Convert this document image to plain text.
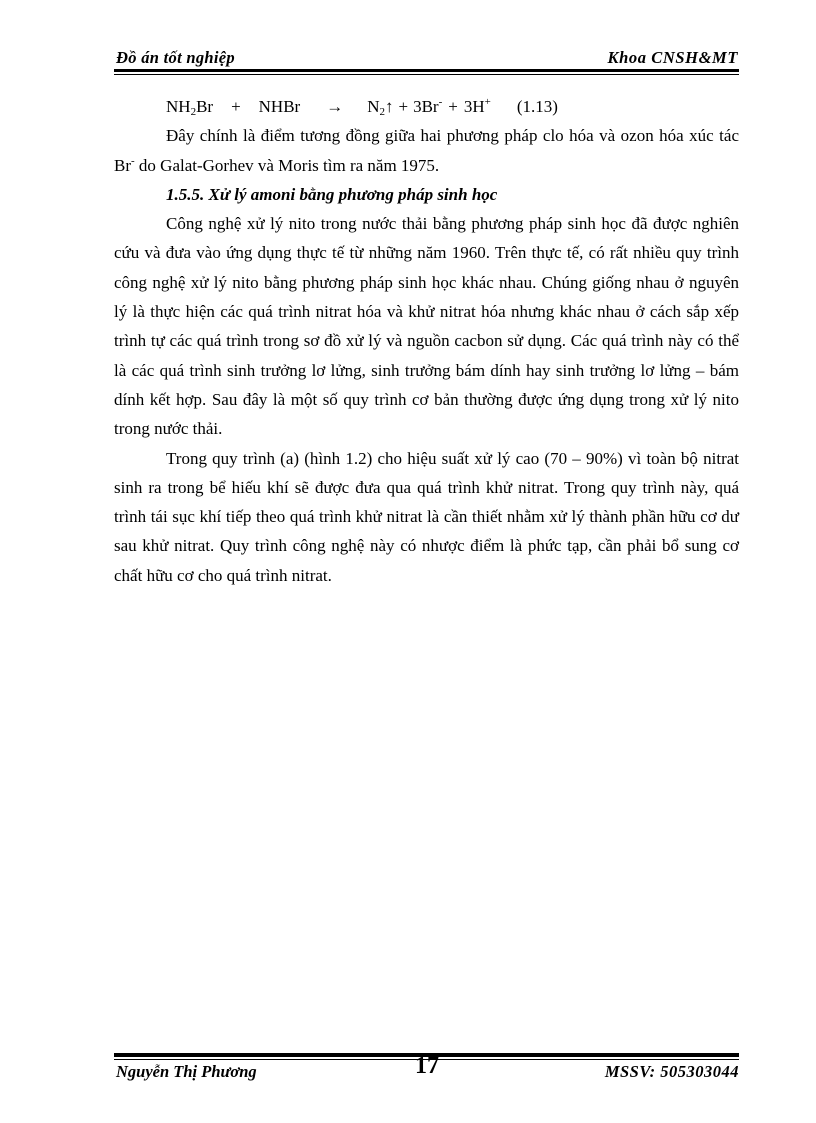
Đồ án tốt nghiệp	Khoa CNSH&MT

$NH_2Br$ + NHBr → $N_2↑ + 3Br^- + 3H^+$ (1.13)

Đây chính là điểm tương đồng giữa hai phương pháp clo hóa và ozon hóa xúc tác Br- do Galat-Gorhev và Moris tìm ra năm 1975.

1.5.5. Xử lý amoni bằng phương pháp sinh học

Công nghệ xử lý nito trong nước thải bằng phương pháp sinh học đã được nghiên cứu và đưa vào ứng dụng thực tế từ những năm 1960. Trên thực tế, có rất nhiều quy trình công nghệ xử lý nito bằng phương pháp sinh học khác nhau. Chúng giống nhau ở nguyên lý là thực hiện các quá trình nitrat hóa và khử nitrat hóa nhưng khác nhau ở cách sắp xếp trình tự các quá trình trong sơ đồ xử lý và nguồn cacbon sử dụng. Các quá trình này có thể là các quá trình sinh trưởng lơ lửng, sinh trưởng bám dính hay sinh trưởng lơ lửng – bám dính kết hợp. Sau đây là một số quy trình cơ bản thường được ứng dụng trong xử lý nito trong nước thải.

Trong quy trình (a) (hình 1.2) cho hiệu suất xử lý cao (70 – 90%) vì toàn bộ nitrat sinh ra trong bể hiếu khí sẽ được đưa qua quá trình khử nitrat. Trong quy trình này, quá trình tái sục khí tiếp theo quá trình khử nitrat là cần thiết nhằm xử lý thành phần hữu cơ dư sau khử nitrat. Quy trình công nghệ này có nhược điểm là phức tạp, cần phải bổ sung cơ chất hữu cơ cho quá trình nitrat.

Nguyễn Thị Phương	17	MSSV: 505303044
